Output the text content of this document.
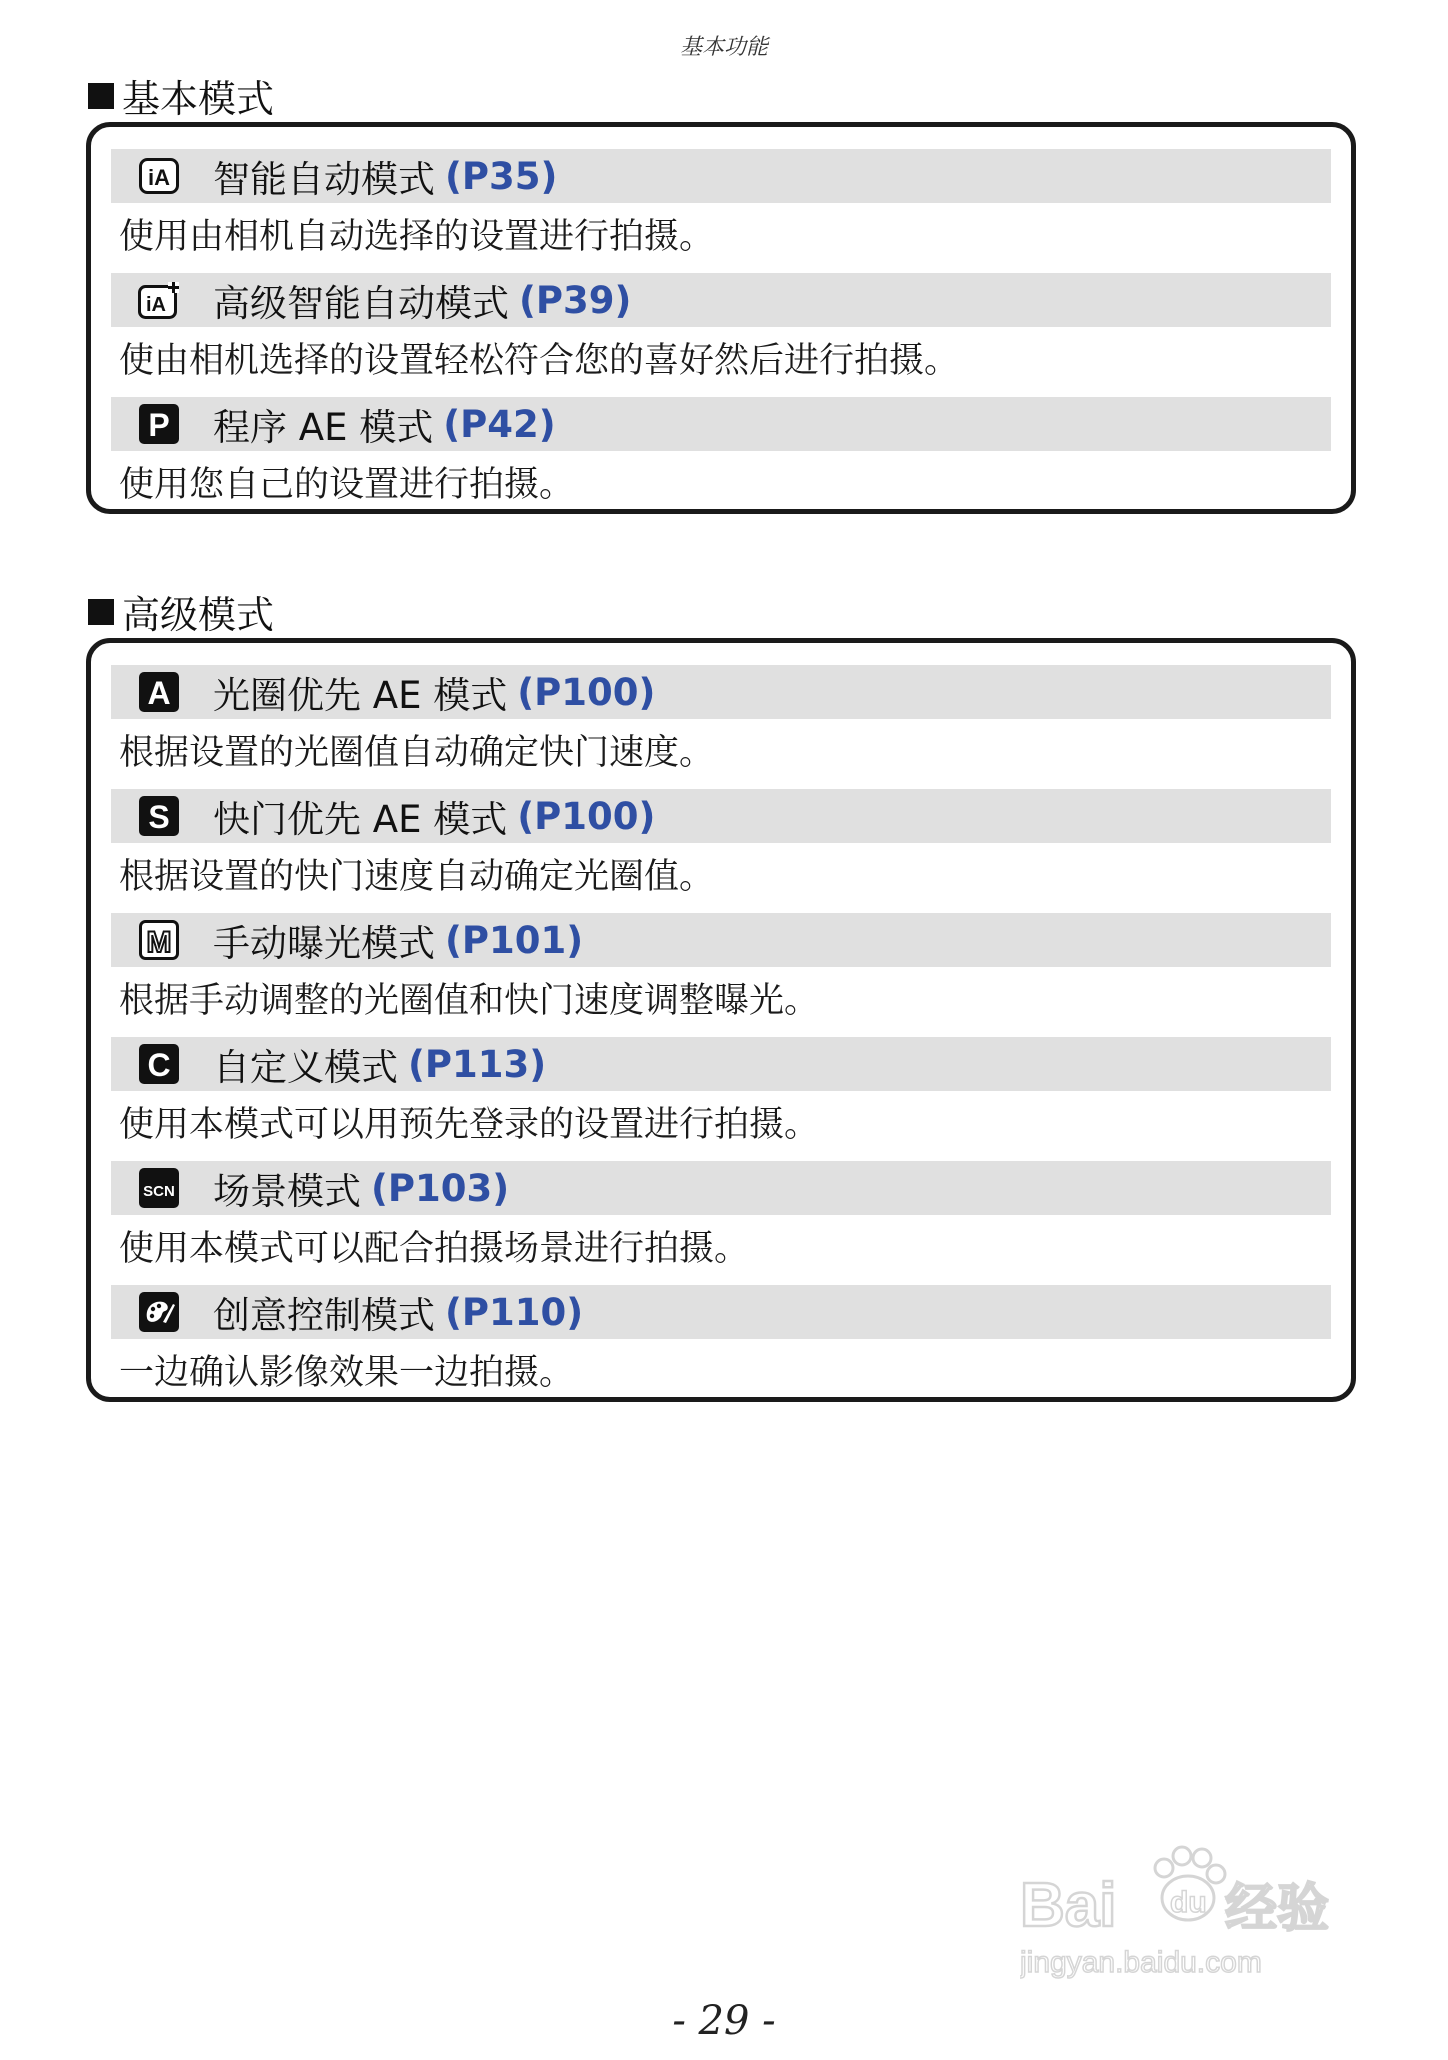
基本功能
基本模式
iA 智能自动模式 (P35)
使用由相机自动选择的设置进行拍摄。
iA 高级智能自动模式 (P39)
使由相机选择的设置轻松符合您的喜好然后进行拍摄。
P 程序 AE 模式 (P42)
使用您自己的设置进行拍摄。
高级模式
A 光圈优先 AE 模式 (P100)
根据设置的光圈值自动确定快门速度。
S 快门优先 AE 模式 (P100)
根据设置的快门速度自动确定光圈值。
M 手动曝光模式 (P101)
根据手动调整的光圈值和快门速度调整曝光。
C 自定义模式 (P113)
使用本模式可以用预先登录的设置进行拍摄。
SCN 场景模式 (P103)
使用本模式可以配合拍摄场景进行拍摄。
创意控制模式 (P110)
一边确认影像效果一边拍摄。
Bai du 经验
jingyan.baidu.com
- 29 -
